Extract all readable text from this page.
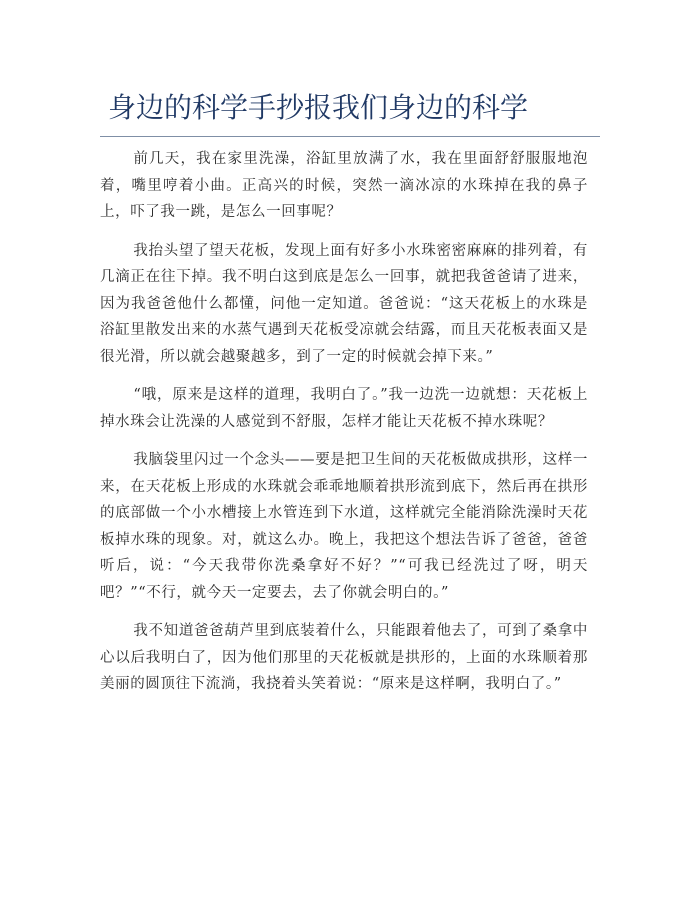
身边的科学手抄报我们身边的科学

前几天，我在家里洗澡，浴缸里放满了水，我在里面舒舒服服地泡着，嘴里哼着小曲。正高兴的时候，突然一滴冰凉的水珠掉在我的鼻子上，吓了我一跳，是怎么一回事呢？

我抬头望了望天花板，发现上面有好多小水珠密密麻麻的排列着，有几滴正在往下掉。我不明白这到底是怎么一回事，就把我爸爸请了进来，因为我爸爸他什么都懂，问他一定知道。爸爸说：“这天花板上的水珠是浴缸里散发出来的水蒸气遇到天花板受凉就会结露，而且天花板表面又是很光滑，所以就会越聚越多，到了一定的时候就会掉下来。”

“哦，原来是这样的道理，我明白了。”我一边洗一边就想：天花板上掉水珠会让洗澡的人感觉到不舒服，怎样才能让天花板不掉水珠呢？

我脑袋里闪过一个念头——要是把卫生间的天花板做成拱形，这样一来，在天花板上形成的水珠就会乖乖地顺着拱形流到底下，然后再在拱形的底部做一个小水槽接上水管连到下水道，这样就完全能消除洗澡时天花板掉水珠的现象。对，就这么办。晚上，我把这个想法告诉了爸爸，爸爸听后，说：“今天我带你洗桑拿好不好？”“可我已经洗过了呀，明天吧？”“不行，就今天一定要去，去了你就会明白的。”

我不知道爸爸葫芦里到底装着什么，只能跟着他去了，可到了桑拿中心以后我明白了，因为他们那里的天花板就是拱形的，上面的水珠顺着那美丽的圆顶往下流淌，我挠着头笑着说：“原来是这样啊，我明白了。”
